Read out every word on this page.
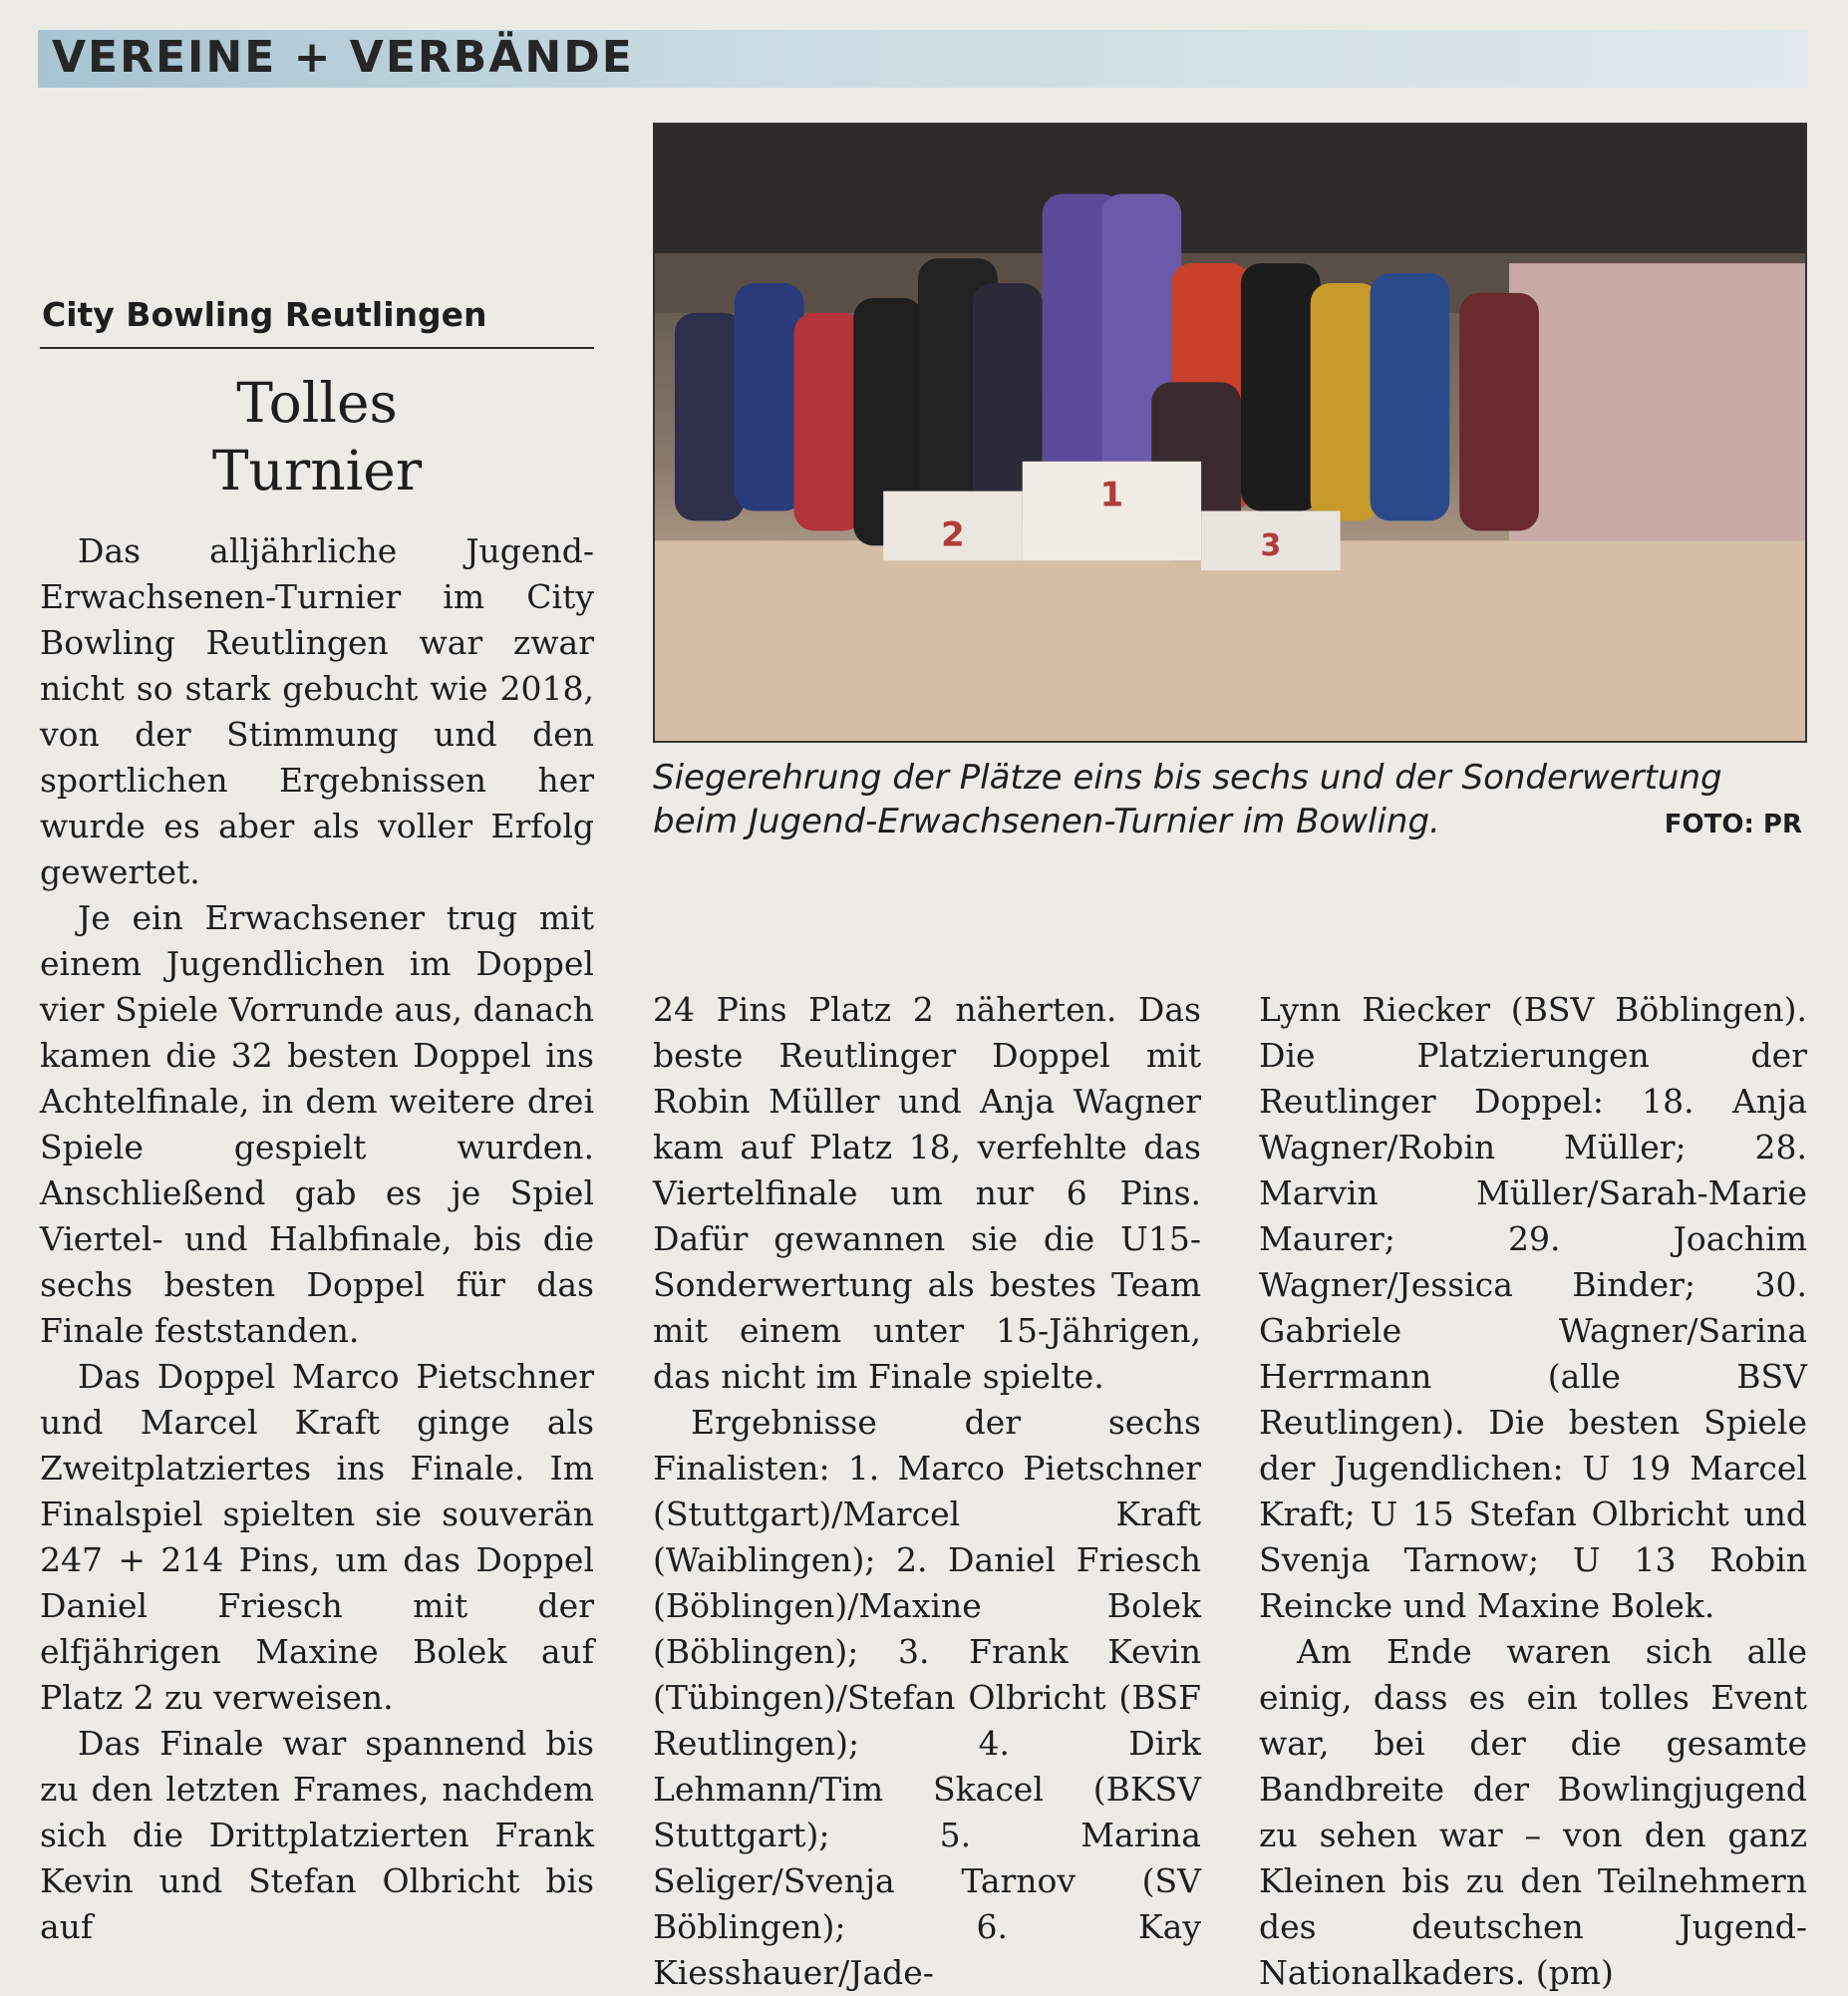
VEREINE + VERBÄNDE
City Bowling Reutlingen
Tolles
Turnier
2
1
3
Siegerehrung der Plätze eins bis sechs und der Sonderwertung beim Jugend-Erwachsenen-Turnier im Bowling.	FOTO: PR

Das alljährliche Jugend-Erwachsenen-Turnier im City Bowling Reutlingen war zwar nicht so stark gebucht wie 2018, von der Stimmung und den sportlichen Ergebnissen her wurde es aber als voller Erfolg gewertet.

Je ein Erwachsener trug mit einem Jugendlichen im Doppel vier Spiele Vorrunde aus, danach kamen die 32 besten Doppel ins Achtelfinale, in dem weitere drei Spiele gespielt wurden. Anschließend gab es je Spiel Viertel- und Halbfinale, bis die sechs besten Doppel für das Finale feststanden.

Das Doppel Marco Pietschner und Marcel Kraft ginge als Zweitplatziertes ins Finale. Im Finalspiel spielten sie souverän 247 + 214 Pins, um das Doppel Daniel Friesch mit der elfjährigen Maxine Bolek auf Platz 2 zu verweisen.

Das Finale war spannend bis zu den letzten Frames, nachdem sich die Drittplatzierten Frank Kevin und Stefan Olbricht bis auf

24 Pins Platz 2 näherten. Das beste Reutlinger Doppel mit Robin Müller und Anja Wagner kam auf Platz 18, verfehlte das Viertelfinale um nur 6 Pins. Dafür gewannen sie die U15-Sonderwertung als bestes Team mit einem unter 15-Jährigen, das nicht im Finale spielte.

Ergebnisse der sechs Finalisten: 1. Marco Pietschner (Stuttgart)/Marcel Kraft (Waiblingen); 2. Daniel Friesch (Böblingen)/Maxine Bolek (Böblingen); 3. Frank Kevin (Tübingen)/Stefan Olbricht (BSF Reutlingen); 4. Dirk Lehmann/Tim Skacel (BKSV Stuttgart); 5. Marina Seliger/Svenja Tarnov (SV Böblingen); 6. Kay Kiesshauer/Jade-

Lynn Riecker (BSV Böblingen). Die Platzierungen der Reutlinger Doppel: 18. Anja Wagner/Robin Müller; 28. Marvin Müller/Sarah-Marie Maurer; 29. Joachim Wagner/Jessica Binder; 30. Gabriele Wagner/Sarina Herrmann (alle BSV Reutlingen). Die besten Spiele der Jugendlichen: U 19 Marcel Kraft; U 15 Stefan Olbricht und Svenja Tarnow; U 13 Robin Reincke und Maxine Bolek.

Am Ende waren sich alle einig, dass es ein tolles Event war, bei der die gesamte Bandbreite der Bowlingjugend zu sehen war – von den ganz Kleinen bis zu den Teilnehmern des deutschen Jugend-Nationalkaders. (pm)
